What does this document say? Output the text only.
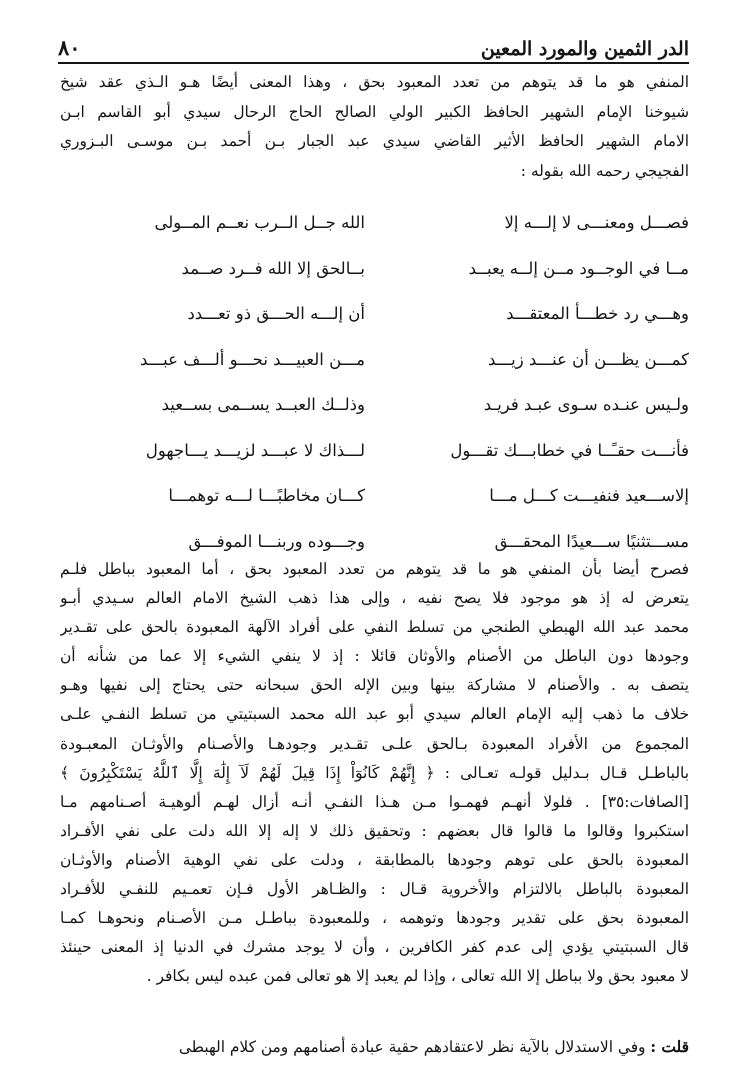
الدر الثمين والمورد المعين
٨٠
المنفي هو ما قد يتوهم من تعدد المعبود بحق ، وهذا المعنى أيضًا هـو الـذي عقد شيخ
شيوخنا الإمام الشهير الحافظ الكبير الولي الصالح الحاج الرحال سيدي أبو القاسم ابـن
الامام الشهير الحافظ الأثير القاضي سيدي عبد الجبار بـن أحمد بـن موسـى البـزوري
الفجيجي رحمه الله بقوله :
فصـــل ومعنـــى لا إلـــه إلا
الله جــل الــرب نعــم المــولى
مــا في الوجــود مــن إلــه يعبــد
بــالحق إلا الله فــرد صــمد
وهـــي رد خطـــأ المعتقـــد
أن إلـــه الحـــق ذو تعـــدد
كمـــن يظـــن أن عنـــد زيـــد
مـــن العبيـــد نحـــو ألـــف عبـــد
ولـيس عنـده سـوى عبـد فريـد
وذلــك العبــد يســمى بســعيد
فأنـــت حقـًــا في خطابـــك تقـــول
لـــذاك لا عبـــد لزيـــد يـــاجهول
إلاســـعيد فنفيـــت كـــل مـــا
كـــان مخاطبًـــا لـــه توهمـــا
مســـتثنيًا ســـعيدًا المحقـــق
وجـــوده وربنـــا الموفـــق
فصرح أيضا بأن المنفي هو ما قد يتوهم من تعدد المعبود بحق ، أما المعبود بباطل فلـم
يتعرض له إذ هو موجود فلا يصح نفيه ، وإلى هذا ذهب الشيخ الامام العالم سـيدي أبـو
محمد عبد الله الهبطي الطنجي من تسلط النفي على أفراد الآلهة المعبودة بالحق على تقـدير
وجودها دون الباطل من الأصنام والأوثان قائلا : إذ لا ينفي الشيء إلا عما من شأنه أن
يتصف به . والأصنام لا مشاركة بينها وبين الإله الحق سبحانه حتى يحتاج إلى نفيها وهـو
خلاف ما ذهب إليه الإمام العالم سيدي أبو عبد الله محمد السبتيتي من تسلط النفـي علـى
المجموع من الأفراد المعبودة بـالحق علـى تقـدير وجودهـا والأصـنام والأوثـان المعبـودة
بالباطـل قـال بـدليل قولـه تعـالى : ﴿ إِنَّهُمْ كَانُوٓاْ إِذَا قِيلَ لَهُمْ لَآ إِلَٰهَ إِلَّا ٱللَّهُ يَسْتَكْبِرُونَ ﴾
[الصافات:٣٥] . فلولا أنهـم فهمـوا مـن هـذا النفـي أنـه أزال لهـم ألوهيـة أصـنامهم مـا
استكبروا وقالوا ما قالوا قال بعضهم : وتحقيق ذلك لا إله إلا الله دلت على نفي الأفـراد
المعبودة بالحق على توهم وجودها بالمطابقة ، ودلت على نفي الوهية الأصنام والأوثـان
المعبودة بالباطل بالالتزام والأخروية قـال : والظـاهر الأول فـإن تعمـيم للنفـي للأفـراد
المعبودة بحق على تقدير وجودها وتوهمه ، وللمعبودة بباطـل مـن الأصـنام ونحوهـا كمـا
قال السبتيتي يؤدي إلى عدم كفر الكافرين ، وأن لا يوجد مشرك في الدنيا إذ المعنى حينئذ
لا معبود بحق ولا بباطل إلا الله تعالى ، وإذا لم يعبد إلا هو تعالى فمن عبده ليس بكافر .
قلت : وفي الاستدلال بالآية نظر لاعتقادهم حقية عبادة أصنامهم ومن كلام الهبطى
